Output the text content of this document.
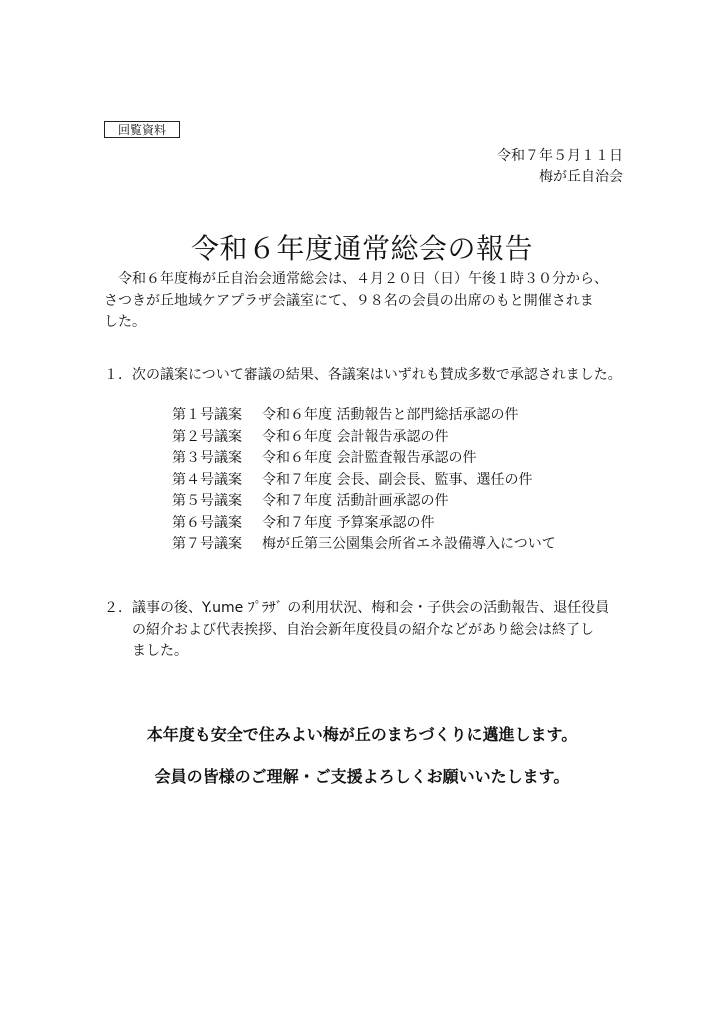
回覧資料
令和７年５月１１日
梅が丘自治会
令和６年度通常総会の報告
令和６年度梅が丘自治会通常総会は、４月２０日（日）午後１時３０分から、
さつきが丘地域ケアプラザ会議室にて、９８名の会員の出席のもと開催されま
した。
１．次の議案について審議の結果、各議案はいずれも賛成多数で承認されました。
第１号議案 令和６年度 活動報告と部門総括承認の件
第２号議案 令和６年度 会計報告承認の件
第３号議案 令和６年度 会計監査報告承認の件
第４号議案 令和７年度 会長、副会長、監事、選任の件
第５号議案 令和７年度 活動計画承認の件
第６号議案 令和７年度 予算案承認の件
第７号議案 梅が丘第三公園集会所省エネ設備導入について
２．議事の後、Y.ume ﾌﾟﾗｻﾞ の利用状況、梅和会・子供会の活動報告、退任役員
の紹介および代表挨拶、自治会新年度役員の紹介などがあり総会は終了し
ました。
本年度も安全で住みよい梅が丘のまちづくりに邁進します。
会員の皆様のご理解・ご支援よろしくお願いいたします。
